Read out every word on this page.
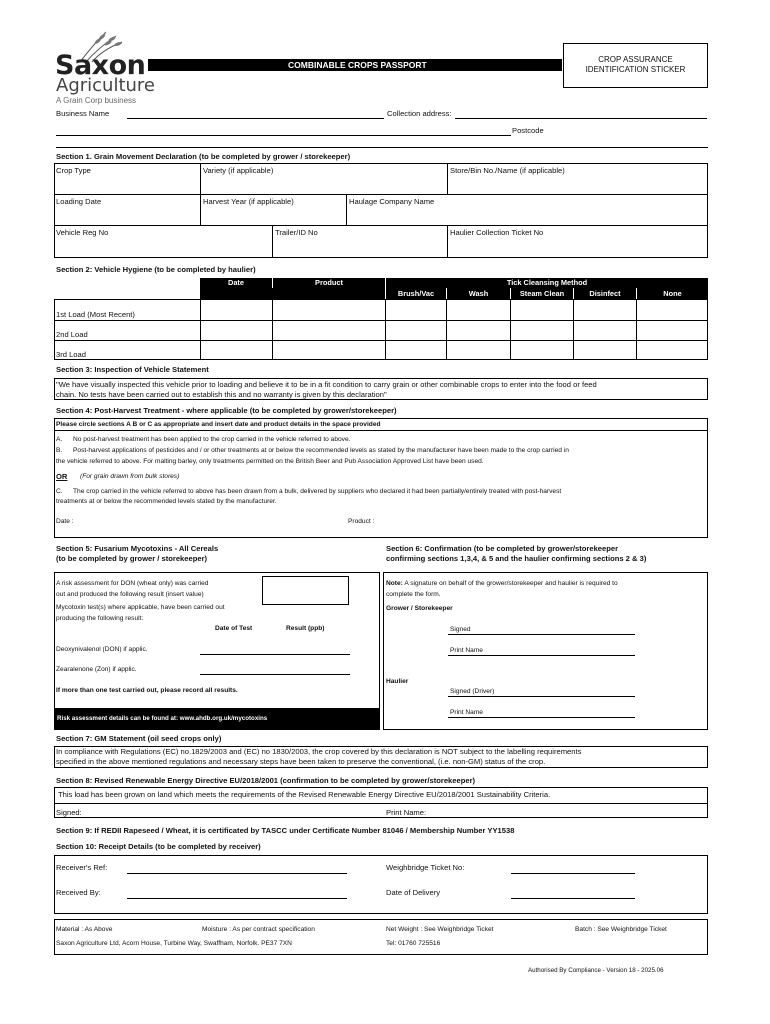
Saxon
Agriculture
A Grain Corp business
COMBINABLE CROPS PASSPORT
CROP ASSURANCE
IDENTIFICATION STICKER
Business Name	Collection address:
Postcode
Section 1. Grain Movement Declaration (to be completed by grower / storekeeper)
Crop Type	Variety (if applicable)	Store/Bin No./Name (if applicable)
Loading Date	Harvest Year (if applicable)	Haulage Company Name
Vehicle Reg No	Trailer/ID No	Haulier Collection Ticket No
Section 2: Vehicle Hygiene (to be completed by haulier)
Date	Product	Tick Cleansing Method
Brush/Vac	Wash	Steam Clean	Disinfect	None
1st Load (Most Recent)
2nd Load
3rd Load
Section 3: Inspection of Vehicle Statement
"We have visually inspected this vehicle prior to loading and believe it to be in a fit condition to carry grain or other combinable crops to enter into the food or feed
chain. No tests have been carried out to establish this and no warranty is given by this declaration"
Section 4: Post-Harvest Treatment - where applicable (to be completed by grower/storekeeper)
Please circle sections A B or C as appropriate and insert date and product details in the space provided
A. No post-harvest treatment has been applied to the crop carried in the vehicle referred to above.
B. Post-harvest applications of pesticides and / or other treatments at or below the recommended levels as stated by the manufacturer have been made to the crop carried in
the vehicle referred to above. For malting barley, only treatments permitted on the British Beer and Pub Association Approved List have been used.
OR (For grain drawn from bulk stores)
C. The crop carried in the vehicle referred to above has been drawn from a bulk, delivered by suppliers who declared it had been partially/entirely treated with post-harvest
treatments at or below the recommended levels stated by the manufacturer.
Date :	Product :
Section 5: Fusarium Mycotoxins - All Cereals
(to be completed by grower / storekeeper)
A risk assessment for DON (wheat only) was carried
out and produced the following result (insert value)
Mycotoxin test(s) where applicable, have been carried out
producing the following result:
Date of Test	Result (ppb)
Deoxynivalenol (DON) if applic.
Zearalenone (Zon) if applic.
If more than one test carried out, please record all results.
Risk assessment details can be found at: www.ahdb.org.uk/mycotoxins
Section 6: Confirmation (to be completed by grower/storekeeper
confirming sections 1,3,4, & 5 and the haulier confirming sections 2 & 3)
Note: A signature on behalf of the grower/storekeeper and haulier is required to
complete the form.
Grower / Storekeeper
Signed
Print Name
Haulier
Signed (Driver)
Print Name
Section 7: GM Statement (oil seed crops only)
In compliance with Regulations (EC) no.1829/2003 and (EC) no 1830/2003, the crop covered by this declaration is NOT subject to the labelling requirements
specified in the above mentioned regulations and necessary steps have been taken to preserve the conventional, (i.e. non-GM) status of the crop.
Section 8: Revised Renewable Energy Directive EU/2018/2001 (confirmation to be completed by grower/storekeeper)
This load has been grown on land which meets the requirements of the Revised Renewable Energy Directive EU/2018/2001 Sustainability Criteria.
Signed:	Print Name:
Section 9: If REDII Rapeseed / Wheat, it is certificated by TASCC under Certificate Number 81046 / Membership Number YY1538
Section 10: Receipt Details (to be completed by receiver)
Receiver's Ref:	Weighbridge Ticket No:
Received By:	Date of Delivery
Material : As Above	Moisture : As per contract specification	Net Weight : See Weighbridge Ticket	Batch : See Weighbridge Ticket
Saxon Agriculture Ltd, Acorn House, Turbine Way, Swaffham, Norfolk. PE37 7XN	Tel: 01760 725516
Authorised By Compliance - Version 18 - 2025.06
